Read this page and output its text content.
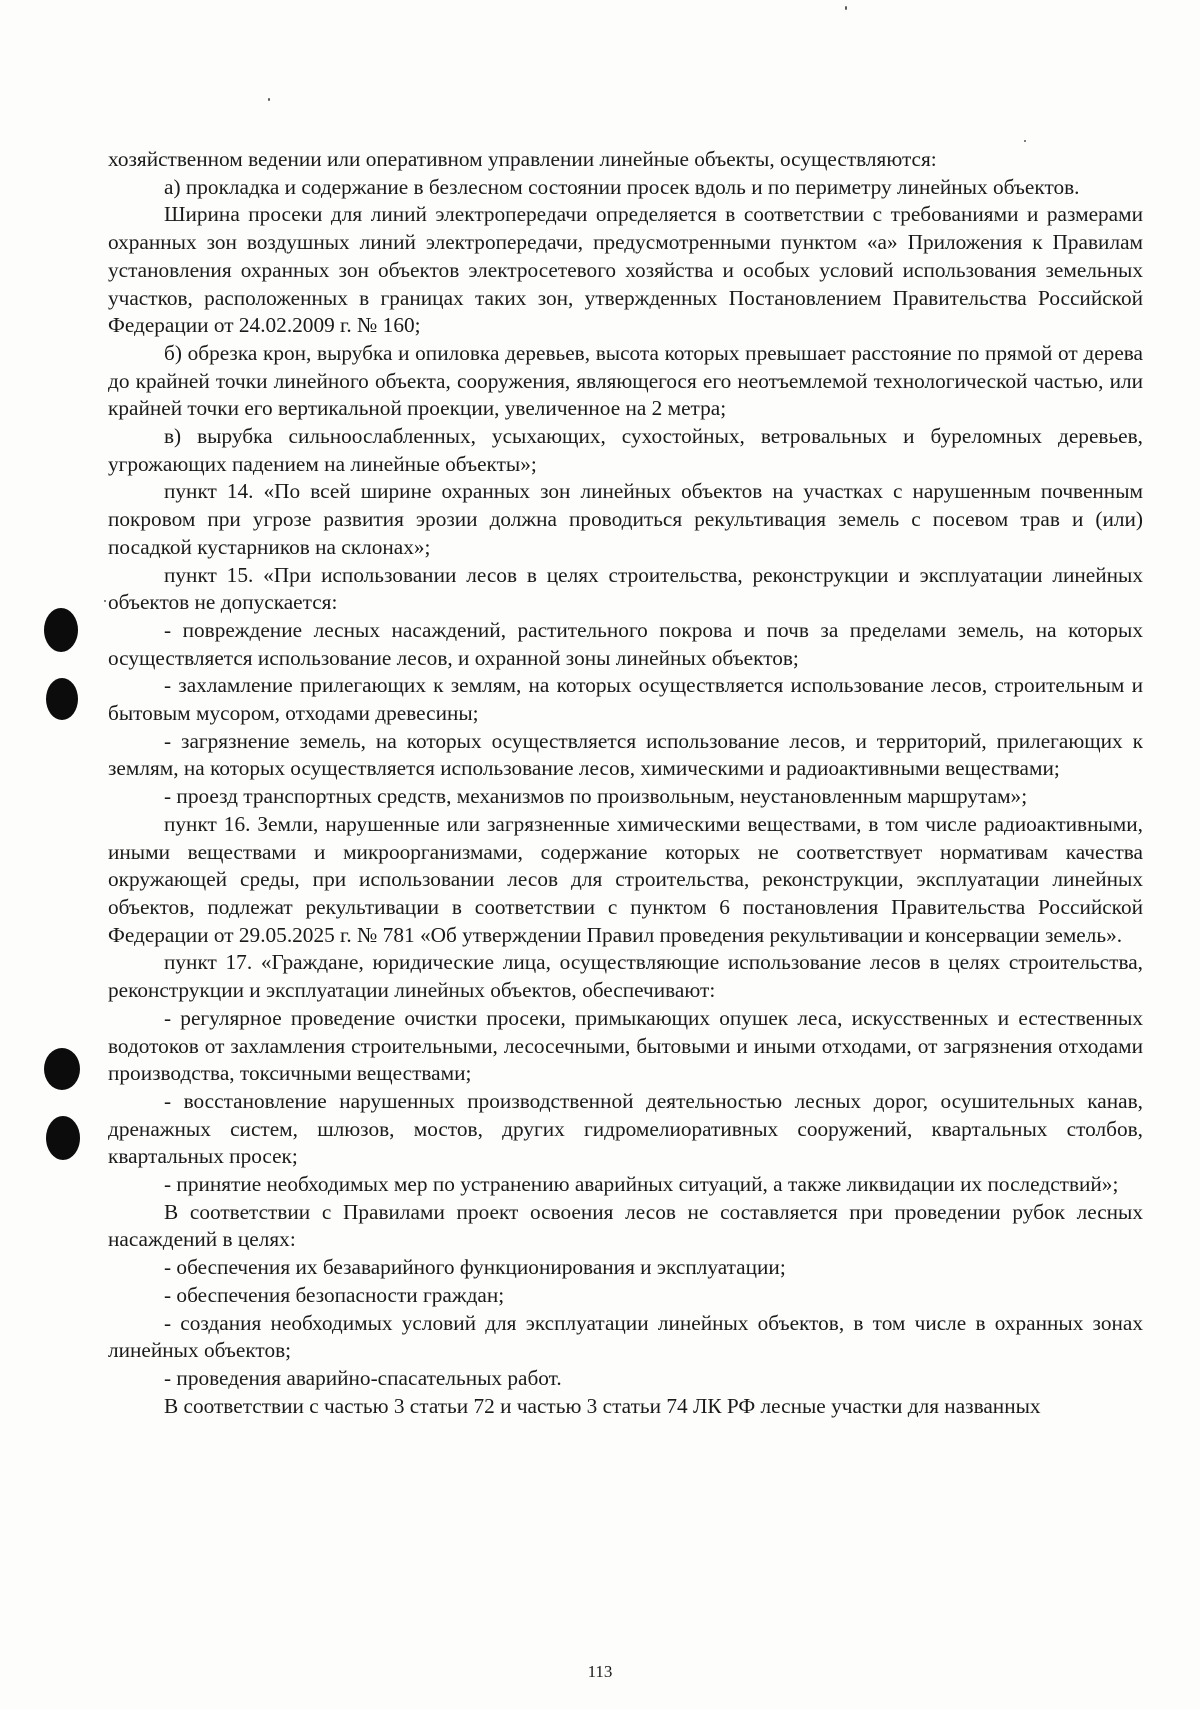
хозяйственном ведении или оперативном управлении линейные объекты, осуществляются:

а) прокладка и содержание в безлесном состоянии просек вдоль и по периметру линейных объектов.

Ширина просеки для линий электропередачи определяется в соответствии с требованиями и размерами охранных зон воздушных линий электропередачи, предусмотренными пунктом «а» Приложения к Правилам установления охранных зон объектов электросетевого хозяйства и особых условий использования земельных участков, расположенных в границах таких зон, утвержденных Постановлением Правительства Российской Федерации от 24.02.2009 г. № 160;

б) обрезка крон, вырубка и опиловка деревьев, высота которых превышает расстояние по прямой от дерева до крайней точки линейного объекта, сооружения, являющегося его неотъемлемой технологической частью, или крайней точки его вертикальной проекции, увеличенное на 2 метра;

в) вырубка сильноослабленных, усыхающих, сухостойных, ветровальных и буреломных деревьев, угрожающих падением на линейные объекты»;

пункт 14. «По всей ширине охранных зон линейных объектов на участках с нарушенным почвенным покровом при угрозе развития эрозии должна проводиться рекультивация земель с посевом трав и (или) посадкой кустарников на склонах»;

пункт 15. «При использовании лесов в целях строительства, реконструкции и эксплуатации линейных объектов не допускается:

- повреждение лесных насаждений, растительного покрова и почв за пределами земель, на которых осуществляется использование лесов, и охранной зоны линейных объектов;

- захламление прилегающих к землям, на которых осуществляется использование лесов, строительным и бытовым мусором, отходами древесины;

- загрязнение земель, на которых осуществляется использование лесов, и территорий, прилегающих к землям, на которых осуществляется использование лесов, химическими и радиоактивными веществами;

- проезд транспортных средств, механизмов по произвольным, неустановленным маршрутам»;

пункт 16. Земли, нарушенные или загрязненные химическими веществами, в том числе радиоактивными, иными веществами и микроорганизмами, содержание которых не соответствует нормативам качества окружающей среды, при использовании лесов для строительства, реконструкции, эксплуатации линейных объектов, подлежат рекультивации в соответствии с пунктом 6 постановления Правительства Российской Федерации от 29.05.2025 г. № 781 «Об утверждении Правил проведения рекультивации и консервации земель».

пункт 17. «Граждане, юридические лица, осуществляющие использование лесов в целях строительства, реконструкции и эксплуатации линейных объектов, обеспечивают:

- регулярное проведение очистки просеки, примыкающих опушек леса, искусственных и естественных водотоков от захламления строительными, лесосечными, бытовыми и иными отходами, от загрязнения отходами производства, токсичными веществами;

- восстановление нарушенных производственной деятельностью лесных дорог, осушительных канав, дренажных систем, шлюзов, мостов, других гидромелиоративных сооружений, квартальных столбов, квартальных просек;

- принятие необходимых мер по устранению аварийных ситуаций, а также ликвидации их последствий»;

В соответствии с Правилами проект освоения лесов не составляется при проведении рубок лесных насаждений в целях:

- обеспечения их безаварийного функционирования и эксплуатации;

- обеспечения безопасности граждан;

- создания необходимых условий для эксплуатации линейных объектов, в том числе в охранных зонах линейных объектов;

- проведения аварийно-спасательных работ.

В соответствии с частью 3 статьи 72 и частью 3 статьи 74 ЛК РФ лесные участки для названных

113
